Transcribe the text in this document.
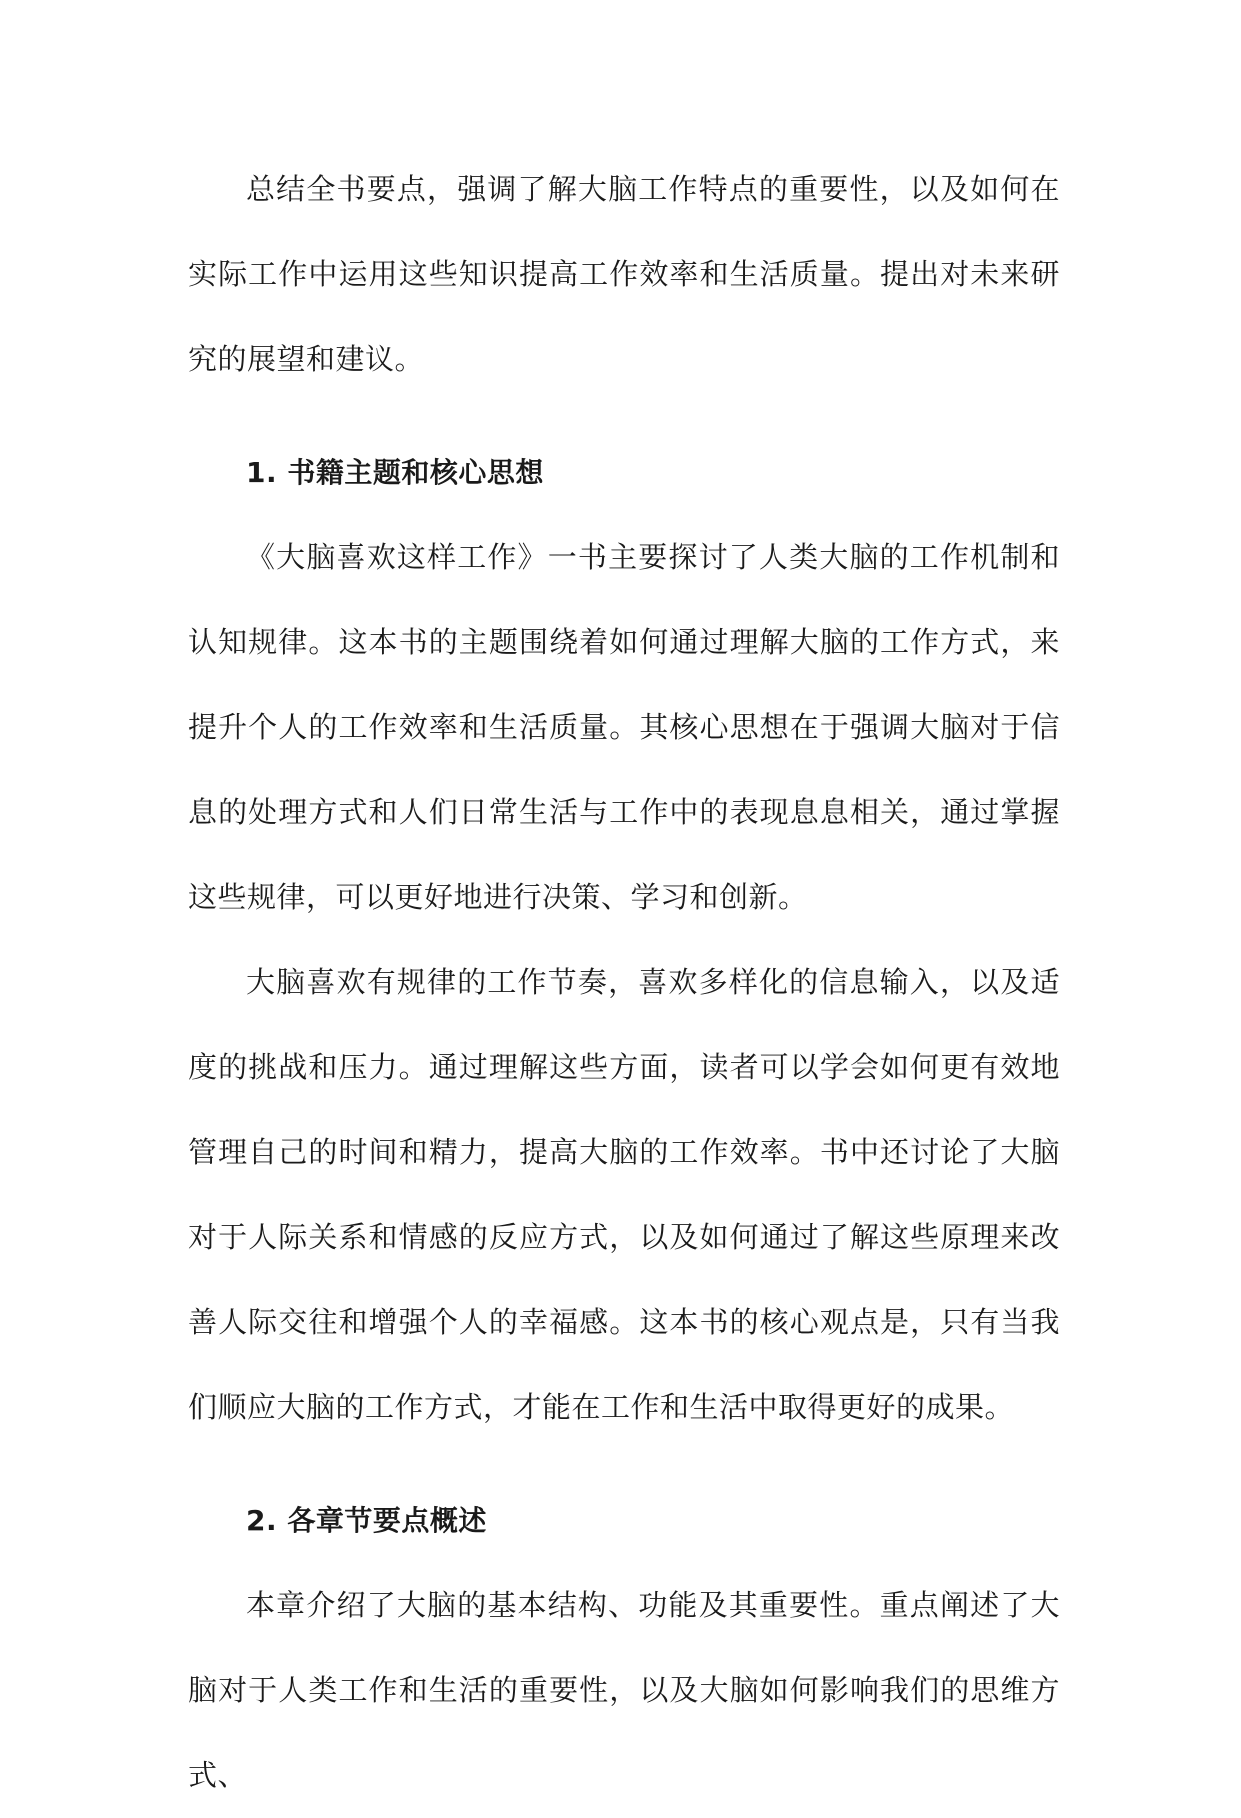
总结全书要点，强调了解大脑工作特点的重要性，以及如何在实际工作中运用这些知识提高工作效率和生活质量。提出对未来研究的展望和建议。

1. 书籍主题和核心思想

《大脑喜欢这样工作》一书主要探讨了人类大脑的工作机制和认知规律。这本书的主题围绕着如何通过理解大脑的工作方式，来提升个人的工作效率和生活质量。其核心思想在于强调大脑对于信息的处理方式和人们日常生活与工作中的表现息息相关，通过掌握这些规律，可以更好地进行决策、学习和创新。

大脑喜欢有规律的工作节奏，喜欢多样化的信息输入，以及适度的挑战和压力。通过理解这些方面，读者可以学会如何更有效地管理自己的时间和精力，提高大脑的工作效率。书中还讨论了大脑对于人际关系和情感的反应方式，以及如何通过了解这些原理来改善人际交往和增强个人的幸福感。这本书的核心观点是，只有当我们顺应大脑的工作方式，才能在工作和生活中取得更好的成果。

2. 各章节要点概述

本章介绍了大脑的基本结构、功能及其重要性。重点阐述了大脑对于人类工作和生活的重要性，以及大脑如何影响我们的思维方式、
